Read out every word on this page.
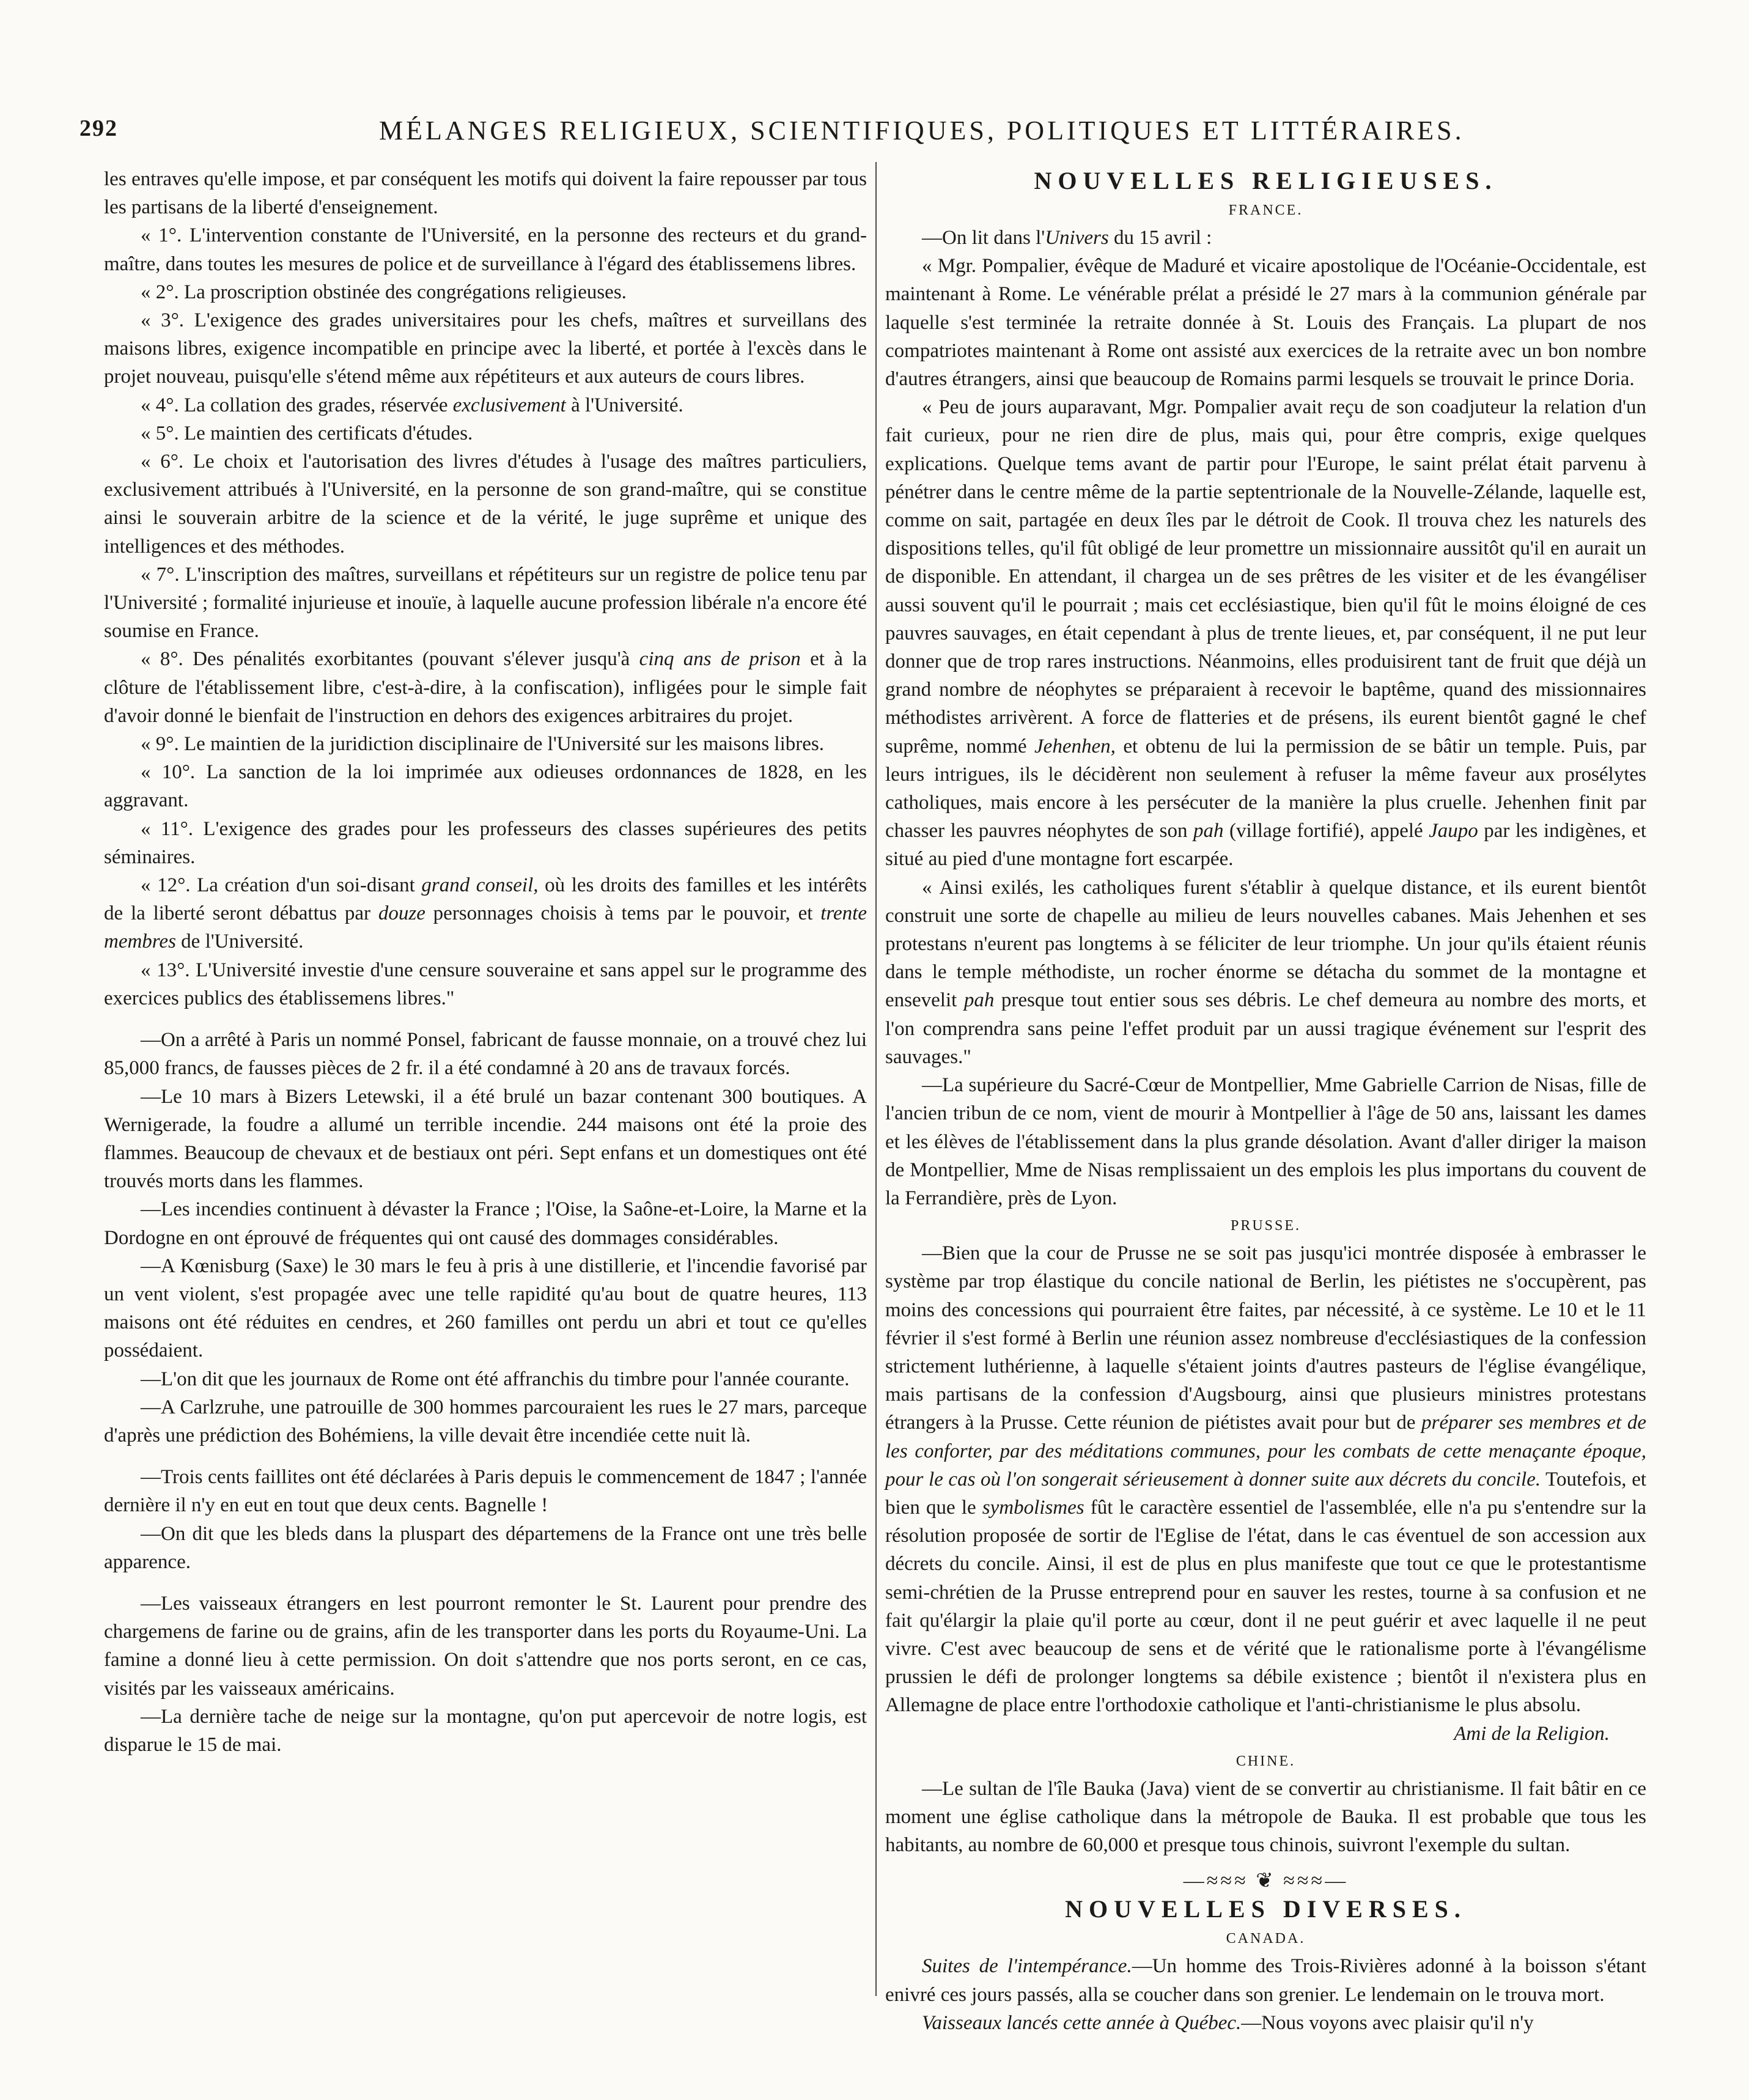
292	MÉLANGES RELIGIEUX, SCIENTIFIQUES, POLITIQUES ET LITTÉRAIRES.

les entraves qu'elle impose, et par conséquent les motifs qui doivent la faire repousser par tous les partisans de la liberté d'enseignement.

« 1°. L'intervention constante de l'Université, en la personne des recteurs et du grand-maître, dans toutes les mesures de police et de surveillance à l'égard des établissemens libres.

« 2°. La proscription obstinée des congrégations religieuses.

« 3°. L'exigence des grades universitaires pour les chefs, maîtres et surveillans des maisons libres, exigence incompatible en principe avec la liberté, et portée à l'excès dans le projet nouveau, puisqu'elle s'étend même aux répétiteurs et aux auteurs de cours libres.

« 4°. La collation des grades, réservée exclusivement à l'Université.

« 5°. Le maintien des certificats d'études.

« 6°. Le choix et l'autorisation des livres d'études à l'usage des maîtres particuliers, exclusivement attribués à l'Université, en la personne de son grand-maître, qui se constitue ainsi le souverain arbitre de la science et de la vérité, le juge suprême et unique des intelligences et des méthodes.

« 7°. L'inscription des maîtres, surveillans et répétiteurs sur un registre de police tenu par l'Université ; formalité injurieuse et inouïe, à laquelle aucune profession libérale n'a encore été soumise en France.

« 8°. Des pénalités exorbitantes (pouvant s'élever jusqu'à cinq ans de prison et à la clôture de l'établissement libre, c'est-à-dire, à la confiscation), infligées pour le simple fait d'avoir donné le bienfait de l'instruction en dehors des exigences arbitraires du projet.

« 9°. Le maintien de la juridiction disciplinaire de l'Université sur les maisons libres.

« 10°. La sanction de la loi imprimée aux odieuses ordonnances de 1828, en les aggravant.

« 11°. L'exigence des grades pour les professeurs des classes supérieures des petits séminaires.

« 12°. La création d'un soi-disant grand conseil, où les droits des familles et les intérêts de la liberté seront débattus par douze personnages choisis à tems par le pouvoir, et trente membres de l'Université.

« 13°. L'Université investie d'une censure souveraine et sans appel sur le programme des exercices publics des établissemens libres."

—On a arrêté à Paris un nommé Ponsel, fabricant de fausse monnaie, on a trouvé chez lui 85,000 francs, de fausses pièces de 2 fr. il a été condamné à 20 ans de travaux forcés.

—Le 10 mars à Bizers Letewski, il a été brulé un bazar contenant 300 boutiques. A Wernigerade, la foudre a allumé un terrible incendie. 244 maisons ont été la proie des flammes. Beaucoup de chevaux et de bestiaux ont péri. Sept enfans et un domestiques ont été trouvés morts dans les flammes.

—Les incendies continuent à dévaster la France ; l'Oise, la Saône-et-Loire, la Marne et la Dordogne en ont éprouvé de fréquentes qui ont causé des dommages considérables.

—A Kœnisburg (Saxe) le 30 mars le feu à pris à une distillerie, et l'incendie favorisé par un vent violent, s'est propagée avec une telle rapidité qu'au bout de quatre heures, 113 maisons ont été réduites en cendres, et 260 familles ont perdu un abri et tout ce qu'elles possédaient.

—L'on dit que les journaux de Rome ont été affranchis du timbre pour l'année courante.

—A Carlzruhe, une patrouille de 300 hommes parcouraient les rues le 27 mars, parceque d'après une prédiction des Bohémiens, la ville devait être incendiée cette nuit là.

—Trois cents faillites ont été déclarées à Paris depuis le commencement de 1847 ; l'année dernière il n'y en eut en tout que deux cents. Bagnelle !

—On dit que les bleds dans la pluspart des départemens de la France ont une très belle apparence.

—Les vaisseaux étrangers en lest pourront remonter le St. Laurent pour prendre des chargemens de farine ou de grains, afin de les transporter dans les ports du Royaume-Uni. La famine a donné lieu à cette permission. On doit s'attendre que nos ports seront, en ce cas, visités par les vaisseaux américains.

—La dernière tache de neige sur la montagne, qu'on put apercevoir de notre logis, est disparue le 15 de mai.

NOUVELLES RELIGIEUSES.
FRANCE.

—On lit dans l'Univers du 15 avril :

« Mgr. Pompalier, évêque de Maduré et vicaire apostolique de l'Océanie-Occidentale, est maintenant à Rome. Le vénérable prélat a présidé le 27 mars à la communion générale par laquelle s'est terminée la retraite donnée à St. Louis des Français. La plupart de nos compatriotes maintenant à Rome ont assisté aux exercices de la retraite avec un bon nombre d'autres étrangers, ainsi que beaucoup de Romains parmi lesquels se trouvait le prince Doria.

« Peu de jours auparavant, Mgr. Pompalier avait reçu de son coadjuteur la relation d'un fait curieux, pour ne rien dire de plus, mais qui, pour être compris, exige quelques explications. Quelque tems avant de partir pour l'Europe, le saint prélat était parvenu à pénétrer dans le centre même de la partie septentrionale de la Nouvelle-Zélande, laquelle est, comme on sait, partagée en deux îles par le détroit de Cook. Il trouva chez les naturels des dispositions telles, qu'il fût obligé de leur promettre un missionnaire aussitôt qu'il en aurait un de disponible. En attendant, il chargea un de ses prêtres de les visiter et de les évangéliser aussi souvent qu'il le pourrait ; mais cet ecclésiastique, bien qu'il fût le moins éloigné de ces pauvres sauvages, en était cependant à plus de trente lieues, et, par conséquent, il ne put leur donner que de trop rares instructions. Néanmoins, elles produisirent tant de fruit que déjà un grand nombre de néophytes se préparaient à recevoir le baptême, quand des missionnaires méthodistes arrivèrent. A force de flatteries et de présens, ils eurent bientôt gagné le chef suprême, nommé Jehenhen, et obtenu de lui la permission de se bâtir un temple. Puis, par leurs intrigues, ils le décidèrent non seulement à refuser la même faveur aux prosélytes catholiques, mais encore à les persécuter de la manière la plus cruelle. Jehenhen finit par chasser les pauvres néophytes de son pah (village fortifié), appelé Jaupo par les indigènes, et situé au pied d'une montagne fort escarpée.

« Ainsi exilés, les catholiques furent s'établir à quelque distance, et ils eurent bientôt construit une sorte de chapelle au milieu de leurs nouvelles cabanes. Mais Jehenhen et ses protestans n'eurent pas longtems à se féliciter de leur triomphe. Un jour qu'ils étaient réunis dans le temple méthodiste, un rocher énorme se détacha du sommet de la montagne et ensevelit pah presque tout entier sous ses débris. Le chef demeura au nombre des morts, et l'on comprendra sans peine l'effet produit par un aussi tragique événement sur l'esprit des sauvages."

—La supérieure du Sacré-Cœur de Montpellier, Mme Gabrielle Carrion de Nisas, fille de l'ancien tribun de ce nom, vient de mourir à Montpellier à l'âge de 50 ans, laissant les dames et les élèves de l'établissement dans la plus grande désolation. Avant d'aller diriger la maison de Montpellier, Mme de Nisas remplissaient un des emplois les plus importans du couvent de la Ferrandière, près de Lyon.

PRUSSE.

—Bien que la cour de Prusse ne se soit pas jusqu'ici montrée disposée à embrasser le système par trop élastique du concile national de Berlin, les piétistes ne s'occupèrent, pas moins des concessions qui pourraient être faites, par nécessité, à ce système. Le 10 et le 11 février il s'est formé à Berlin une réunion assez nombreuse d'ecclésiastiques de la confession strictement luthérienne, à laquelle s'étaient joints d'autres pasteurs de l'église évangélique, mais partisans de la confession d'Augsbourg, ainsi que plusieurs ministres protestans étrangers à la Prusse. Cette réunion de piétistes avait pour but de préparer ses membres et de les conforter, par des méditations communes, pour les combats de cette menaçante époque, pour le cas où l'on songerait sérieusement à donner suite aux décrets du concile. Toutefois, et bien que le symbolismes fût le caractère essentiel de l'assemblée, elle n'a pu s'entendre sur la résolution proposée de sortir de l'Eglise de l'état, dans le cas éventuel de son accession aux décrets du concile. Ainsi, il est de plus en plus manifeste que tout ce que le protestantisme semi-chrétien de la Prusse entreprend pour en sauver les restes, tourne à sa confusion et ne fait qu'élargir la plaie qu'il porte au cœur, dont il ne peut guérir et avec laquelle il ne peut vivre. C'est avec beaucoup de sens et de vérité que le rationalisme porte à l'évangélisme prussien le défi de prolonger longtems sa débile existence ; bientôt il n'existera plus en Allemagne de place entre l'orthodoxie catholique et l'anti-christianisme le plus absolu.

Ami de la Religion.
CHINE.

—Le sultan de l'île Bauka (Java) vient de se convertir au christianisme. Il fait bâtir en ce moment une église catholique dans la métropole de Bauka. Il est probable que tous les habitants, au nombre de 60,000 et presque tous chinois, suivront l'exemple du sultan.

—≈≈≈ ❦ ≈≈≈—
NOUVELLES DIVERSES.
CANADA.

Suites de l'intempérance.—Un homme des Trois-Rivières adonné à la boisson s'étant enivré ces jours passés, alla se coucher dans son grenier. Le lendemain on le trouva mort.

Vaisseaux lancés cette année à Québec.—Nous voyons avec plaisir qu'il n'y
